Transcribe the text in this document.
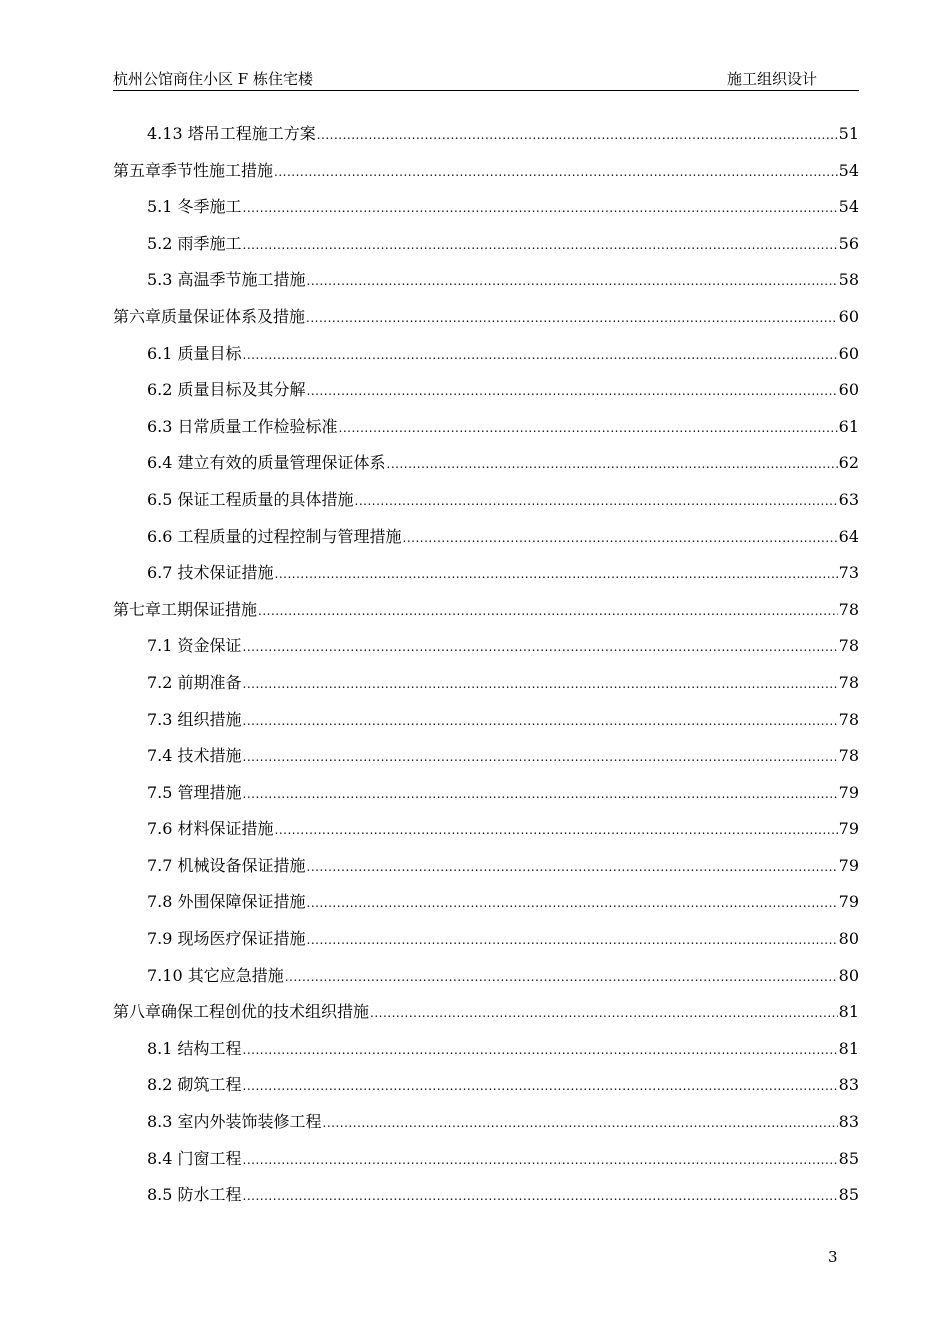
杭州公馆商住小区 F 栋住宅楼	施工组织设计
4.13 塔吊工程施工方案 .....	51
第五章 季节性施工措施 .....	54
5.1 冬季施工 .....	54
5.2 雨季施工 .....	56
5.3 高温季节施工措施 .....	58
第六章 质量保证体系及措施 .....	60
6.1 质量目标 .....	60
6.2 质量目标及其分解 .....	60
6.3 日常质量工作检验标准 .....	61
6.4 建立有效的质量管理保证体系 .....	62
6.5 保证工程质量的具体措施 .....	63
6.6 工程质量的过程控制与管理措施 .....	64
6.7 技术保证措施 .....	73
第七章 工期保证措施 .....	78
7.1 资金保证 .....	78
7.2 前期准备 .....	78
7.3 组织措施 .....	78
7.4 技术措施 .....	78
7.5 管理措施 .....	79
7.6 材料保证措施 .....	79
7.7 机械设备保证措施 .....	79
7.8 外围保障保证措施 .....	79
7.9 现场医疗保证措施 .....	80
7.10 其它应急措施 .....	80
第八章 确保工程创优的技术组织措施 .....	81
8.1 结构工程 .....	81
8.2 砌筑工程 .....	83
8.3 室内外装饰装修工程 .....	83
8.4 门窗工程 .....	85
8.5 防水工程 .....	85
3
